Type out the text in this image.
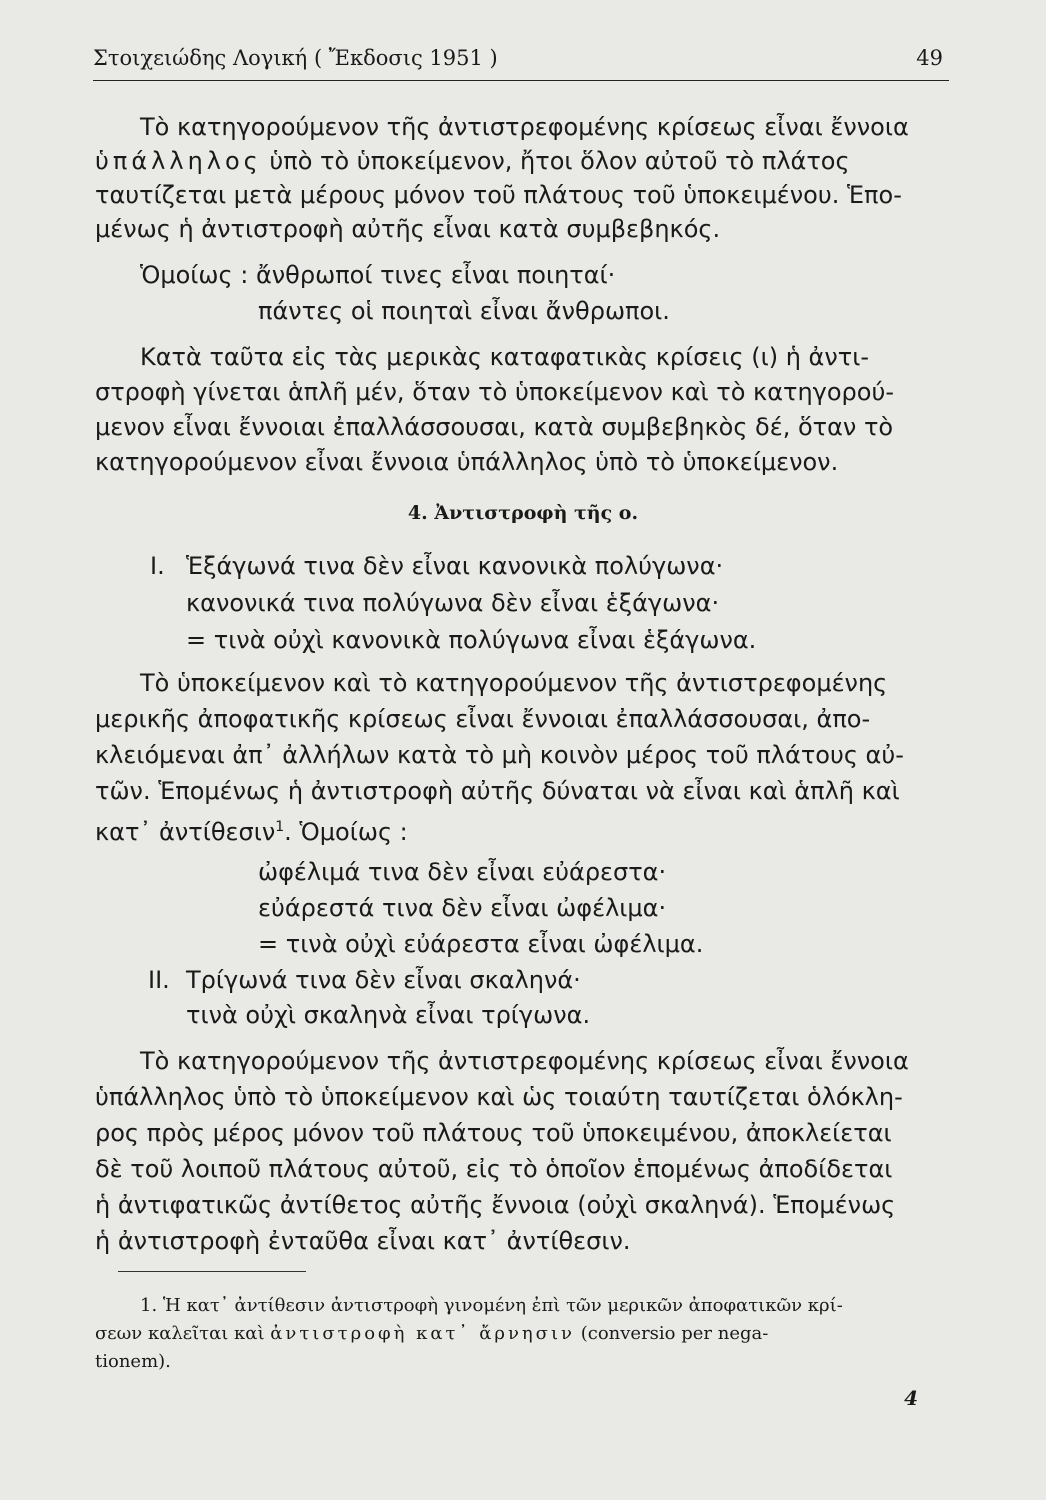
Στοιχειώδης Λογική ( Ἔκδοσις 1951 )	49
Τὸ κατηγορούμενον τῆς ἀντιστρεφομένης κρίσεως εἶναι ἔννοια
ὑπάλληλος ὑπὸ τὸ ὑποκείμενον, ἤτοι ὅλον αὐτοῦ τὸ πλάτος
ταυτίζεται μετὰ μέρους μόνον τοῦ πλάτους τοῦ ὑποκειμένου. Ἑπο-
μένως ἡ ἀντιστροφὴ αὐτῆς εἶναι κατὰ συμβεβηκός.
Ὁμοίως : ἄνθρωποί τινες εἶναι ποιηταί·
πάντες οἱ ποιηταὶ εἶναι ἄνθρωποι.
Κατὰ ταῦτα εἰς τὰς μερικὰς καταφατικὰς κρίσεις (ι) ἡ ἀντι-
στροφὴ γίνεται ἁπλῆ μέν, ὅταν τὸ ὑποκείμενον καὶ τὸ κατηγορού-
μενον εἶναι ἔννοιαι ἐπαλλάσσουσαι, κατὰ συμβεβηκὸς δέ, ὅταν τὸ
κατηγορούμενον εἶναι ἔννοια ὑπάλληλος ὑπὸ τὸ ὑποκείμενον.
4. Ἀντιστροφὴ τῆς ο.
I. Ἑξάγωνά τινα δὲν εἶναι κανονικὰ πολύγωνα·
κανονικά τινα πολύγωνα δὲν εἶναι ἑξάγωνα·
= τινὰ οὐχὶ κανονικὰ πολύγωνα εἶναι ἑξάγωνα.
Τὸ ὑποκείμενον καὶ τὸ κατηγορούμενον τῆς ἀντιστρεφομένης
μερικῆς ἀποφατικῆς κρίσεως εἶναι ἔννοιαι ἐπαλλάσσουσαι, ἀπο-
κλειόμεναι ἀπ᾿ ἀλλήλων κατὰ τὸ μὴ κοινὸν μέρος τοῦ πλάτους αὐ-
τῶν. Ἑπομένως ἡ ἀντιστροφὴ αὐτῆς δύναται νὰ εἶναι καὶ ἁπλῆ καὶ
κατ᾿ ἀντίθεσιν$^1$. Ὁμοίως :
ὠφέλιμά τινα δὲν εἶναι εὐάρεστα·
εὐάρεστά τινα δὲν εἶναι ὠφέλιμα·
= τινὰ οὐχὶ εὐάρεστα εἶναι ὠφέλιμα.
II. Τρίγωνά τινα δὲν εἶναι σκαληνά·
τινὰ οὐχὶ σκαληνὰ εἶναι τρίγωνα.
Τὸ κατηγορούμενον τῆς ἀντιστρεφομένης κρίσεως εἶναι ἔννοια
ὑπάλληλος ὑπὸ τὸ ὑποκείμενον καὶ ὡς τοιαύτη ταυτίζεται ὁλόκλη-
ρος πρὸς μέρος μόνον τοῦ πλάτους τοῦ ὑποκειμένου, ἀποκλείεται
δὲ τοῦ λοιποῦ πλάτους αὐτοῦ, εἰς τὸ ὁποῖον ἑπομένως ἀποδίδεται
ἡ ἀντιφατικῶς ἀντίθετος αὐτῆς ἔννοια (οὐχὶ σκαληνά). Ἑπομένως
ἡ ἀντιστροφὴ ἐνταῦθα εἶναι κατ᾿ ἀντίθεσιν.
1. Ἡ κατ᾿ ἀντίθεσιν ἀντιστροφὴ γινομένη ἐπὶ τῶν μερικῶν ἀποφατικῶν κρί-
σεων καλεῖται καὶ ἀντιστροφὴ κατ᾿ ἄρνησιν (conversio per nega-
tionem).
4
